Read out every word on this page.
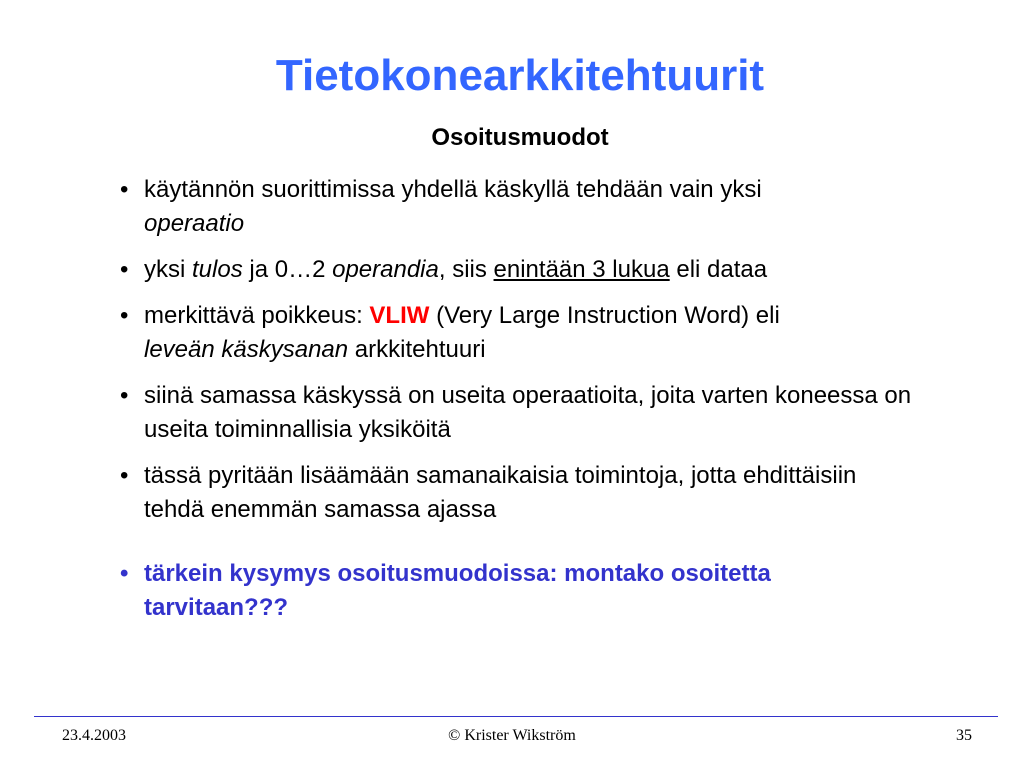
Tietokonearkkitehtuurit
Osoitusmuodot
• käytännön suorittimissa yhdellä käskyllä tehdään vain yksi
operaatio
• yksi tulos ja 0…2 operandia, siis enintään 3 lukua eli dataa
• merkittävä poikkeus: VLIW (Very Large Instruction Word) eli
leveän käskysanan arkkitehtuuri
• siinä samassa käskyssä on useita operaatioita, joita varten koneessa on useita toiminnallisia yksiköitä
• tässä pyritään lisäämään samanaikaisia toimintoja, jotta ehdittäisiin tehdä enemmän samassa ajassa
• tärkein kysymys osoitusmuodoissa: montako osoitetta tarvitaan???
23.4.2003	© Krister Wikström	35
